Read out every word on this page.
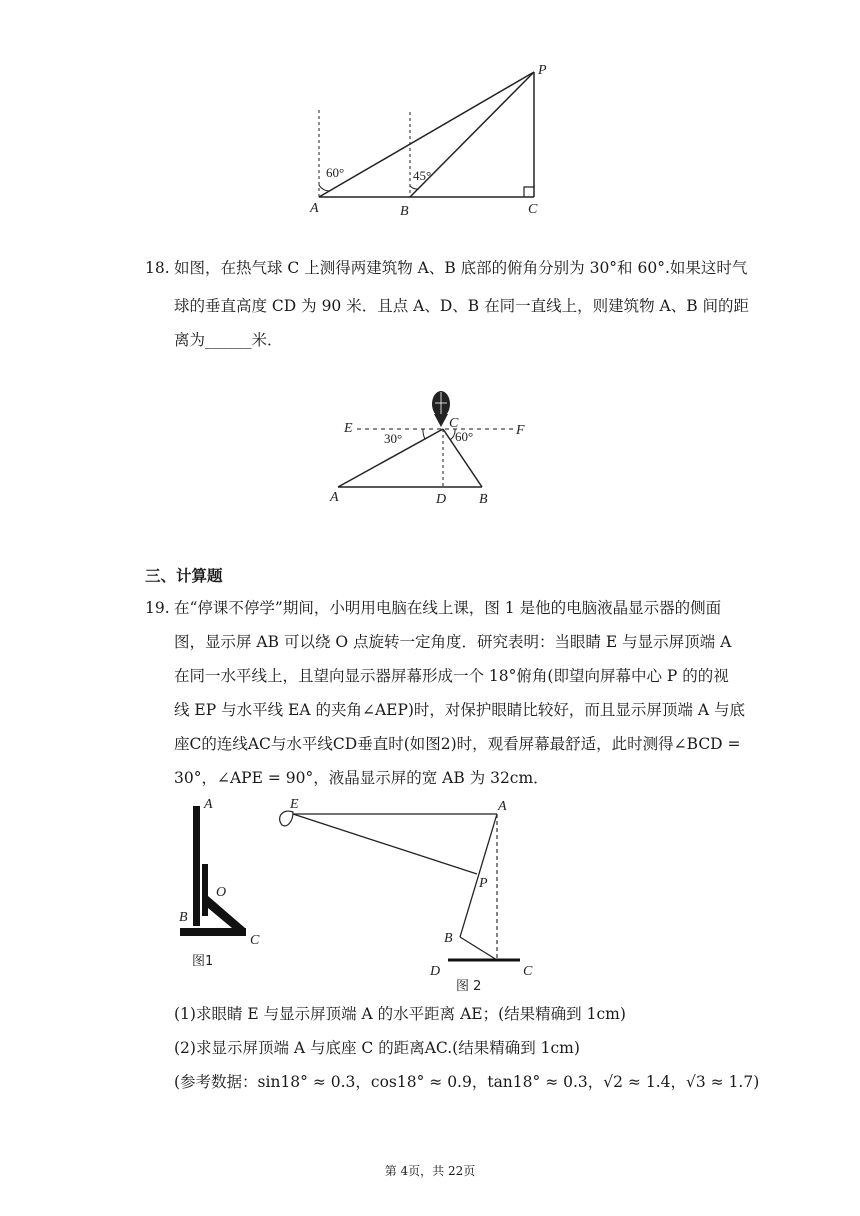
P
A	B	C
60°	45°
18. 如图，在热气球 C 上测得两建筑物 A、B 底部的俯角分别为 30°和 60°.如果这时气
球的垂直高度 CD 为 90 米．且点 A、D、B 在同一直线上，则建筑物 A、B 间的距
离为______米．
E	F
C
A	D B
30°	60°
三、计算题
19. 在“停课不停学”期间，小明用电脑在线上课，图 1 是他的电脑液晶显示器的侧面
图，显示屏 AB 可以绕 O 点旋转一定角度．研究表明：当眼睛 E 与显示屏顶端 A
在同一水平线上，且望向显示器屏幕形成一个 18°俯角(即望向屏幕中心 P 的的视
线 EP 与水平线 EA 的夹角∠AEP)时，对保护眼睛比较好，而且显示屏顶端 A 与底
座C的连线AC与水平线CD垂直时(如图2)时，观看屏幕最舒适，此时测得∠BCD =
30°，∠APE = 90°，液晶显示屏的宽 AB 为 32cm．
A
O
B
C
图1
E	A
P
B
D	C
图 2
(1)求眼睛 E 与显示屏顶端 A 的水平距离 AE；(结果精确到 1cm)
(2)求显示屏顶端 A 与底座 C 的距离AC.(结果精确到 1cm)
(参考数据：sin18° ≈ 0.3，cos18° ≈ 0.9，tan18° ≈ 0.3，√2 ≈ 1.4，√3 ≈ 1.7)
第 4页，共 22页
